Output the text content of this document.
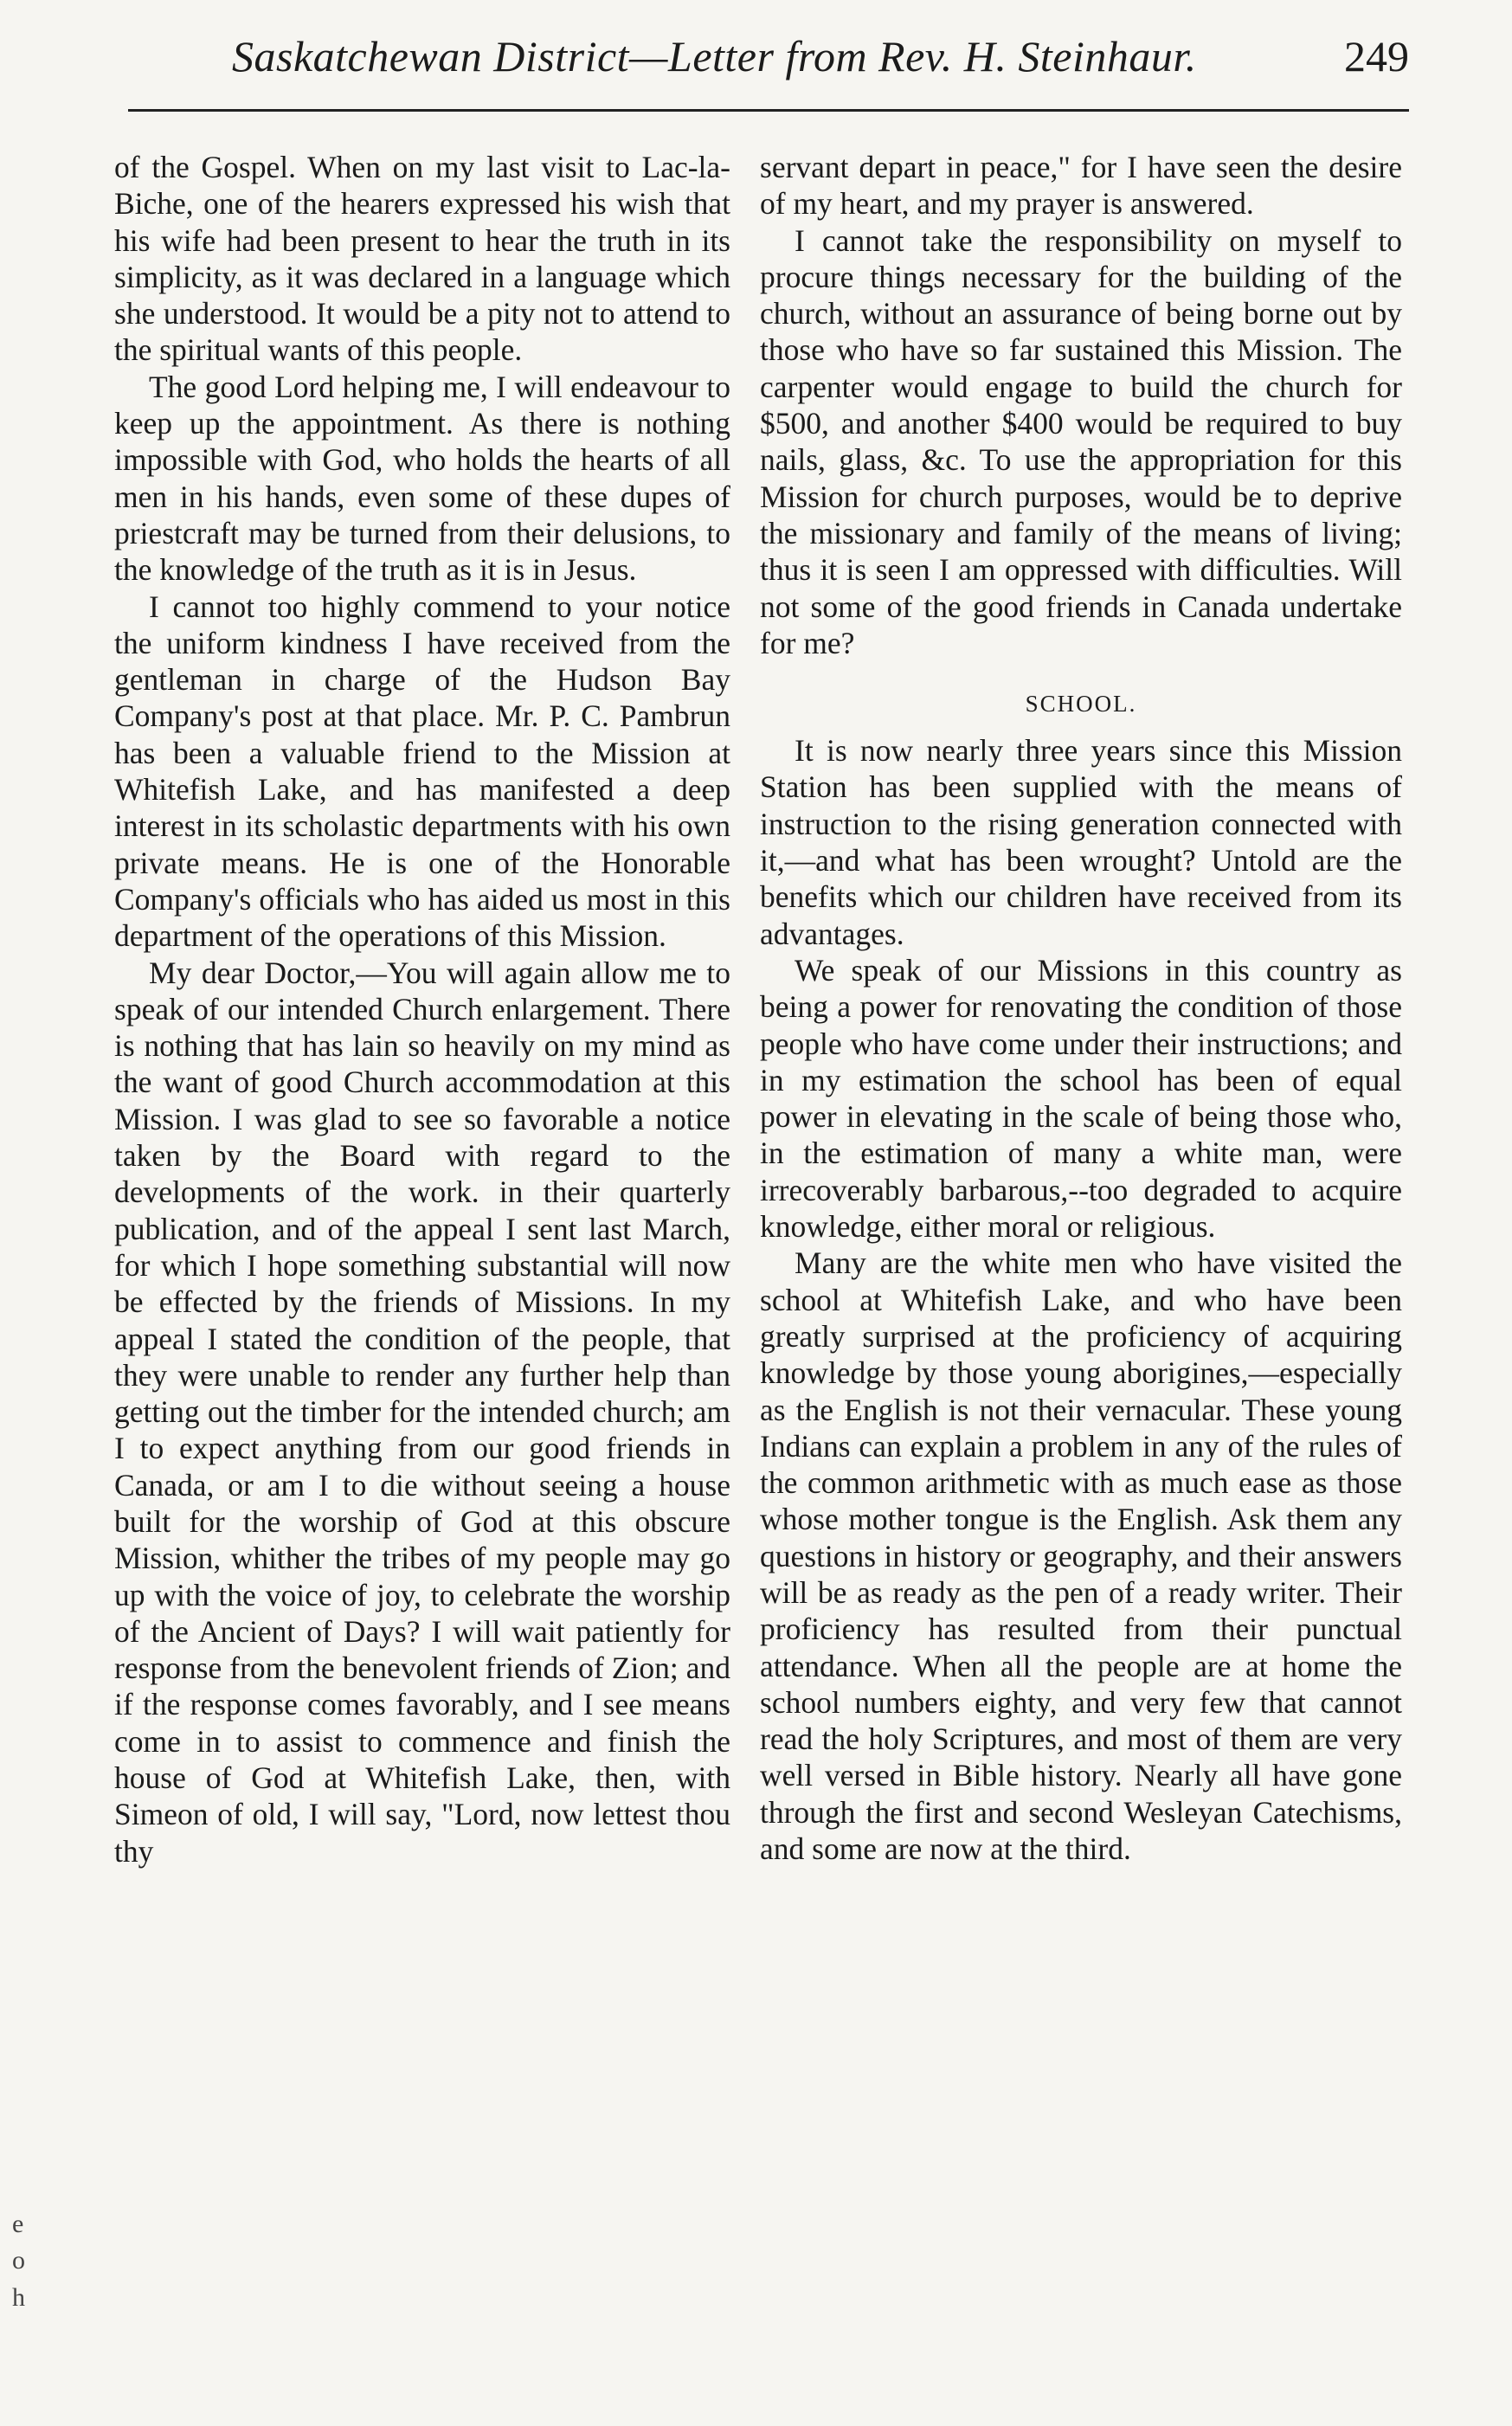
Saskatchewan District—Letter from Rev. H. Steinhaur.	249

of the Gospel. When on my last visit to Lac-la-Biche, one of the hearers expressed his wish that his wife had been present to hear the truth in its simplicity, as it was declared in a language which she understood. It would be a pity not to attend to the spiritual wants of this people.

The good Lord helping me, I will endeavour to keep up the appointment. As there is nothing impossible with God, who holds the hearts of all men in his hands, even some of these dupes of priestcraft may be turned from their delusions, to the knowledge of the truth as it is in Jesus.

I cannot too highly commend to your notice the uniform kindness I have received from the gentleman in charge of the Hudson Bay Company's post at that place. Mr. P. C. Pambrun has been a valuable friend to the Mission at Whitefish Lake, and has manifested a deep interest in its scholastic departments with his own private means. He is one of the Honorable Company's officials who has aided us most in this department of the operations of this Mission.

My dear Doctor,—You will again allow me to speak of our intended Church enlargement. There is nothing that has lain so heavily on my mind as the want of good Church accommodation at this Mission. I was glad to see so favorable a notice taken by the Board with regard to the developments of the work. in their quarterly publication, and of the appeal I sent last March, for which I hope something substantial will now be effected by the friends of Missions. In my appeal I stated the condition of the people, that they were unable to render any further help than getting out the timber for the intended church; am I to expect anything from our good friends in Canada, or am I to die without seeing a house built for the worship of God at this obscure Mission, whither the tribes of my people may go up with the voice of joy, to celebrate the worship of the Ancient of Days? I will wait patiently for response from the benevolent friends of Zion; and if the response comes favorably, and I see means come in to assist to commence and finish the house of God at Whitefish Lake, then, with Simeon of old, I will say, "Lord, now lettest thou thy

servant depart in peace," for I have seen the desire of my heart, and my prayer is answered.

I cannot take the responsibility on myself to procure things necessary for the building of the church, without an assurance of being borne out by those who have so far sustained this Mission. The carpenter would engage to build the church for $500, and another $400 would be required to buy nails, glass, &c. To use the appropriation for this Mission for church purposes, would be to deprive the missionary and family of the means of living; thus it is seen I am oppressed with difficulties. Will not some of the good friends in Canada undertake for me?

SCHOOL.

It is now nearly three years since this Mission Station has been supplied with the means of instruction to the rising generation connected with it,—and what has been wrought? Untold are the benefits which our children have received from its advantages.

We speak of our Missions in this country as being a power for renovating the condition of those people who have come under their instructions; and in my estimation the school has been of equal power in elevating in the scale of being those who, in the estimation of many a white man, were irrecoverably barbarous,--too degraded to acquire knowledge, either moral or religious.

Many are the white men who have visited the school at Whitefish Lake, and who have been greatly surprised at the proficiency of acquiring knowledge by those young aborigines,—especially as the English is not their vernacular. These young Indians can explain a problem in any of the rules of the common arithmetic with as much ease as those whose mother tongue is the English. Ask them any questions in history or geography, and their answers will be as ready as the pen of a ready writer. Their proficiency has resulted from their punctual attendance. When all the people are at home the school numbers eighty, and very few that cannot read the holy Scriptures, and most of them are very well versed in Bible history. Nearly all have gone through the first and second Wesleyan Catechisms, and some are now at the third.

e
o
h
